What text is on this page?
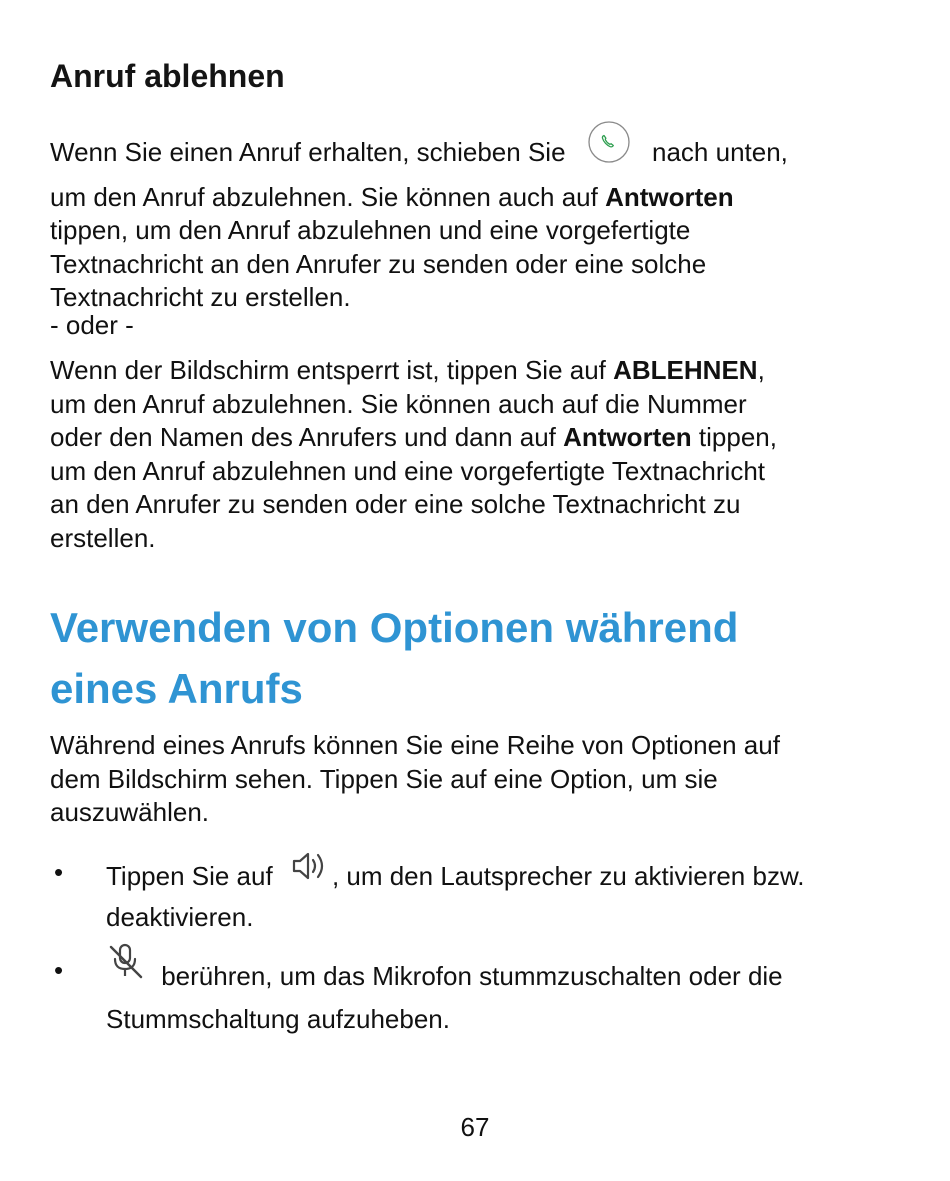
Anruf ablehnen
Wenn Sie einen Anruf erhalten, schieben Sie	nach unten,
um den Anruf abzulehnen. Sie können auch auf Antworten
tippen, um den Anruf abzulehnen und eine vorgefertigte
Textnachricht an den Anrufer zu senden oder eine solche
Textnachricht zu erstellen.
- oder -
Wenn der Bildschirm entsperrt ist, tippen Sie auf ABLEHNEN,
um den Anruf abzulehnen. Sie können auch auf die Nummer
oder den Namen des Anrufers und dann auf Antworten tippen,
um den Anruf abzulehnen und eine vorgefertigte Textnachricht
an den Anrufer zu senden oder eine solche Textnachricht zu
erstellen.
Verwenden von Optionen während
eines Anrufs
Während eines Anrufs können Sie eine Reihe von Optionen auf
dem Bildschirm sehen. Tippen Sie auf eine Option, um sie
auszuwählen.
• Tippen Sie auf , um den Lautsprecher zu aktivieren bzw.
deaktivieren.
•	berühren, um das Mikrofon stummzuschalten oder die
Stummschaltung aufzuheben.
67
